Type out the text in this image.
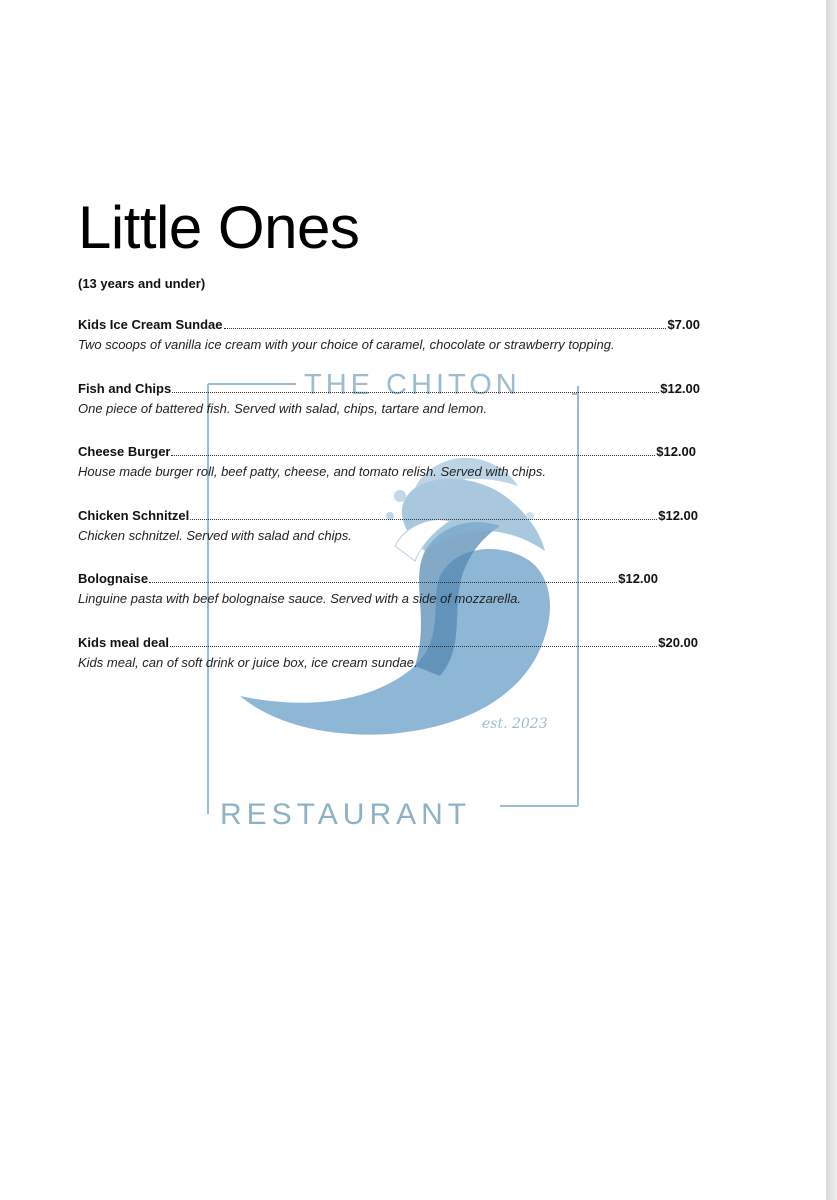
Little Ones
(13 years and under)
THE CHITON
est. 2023
RESTAURANT
Kids Ice Cream Sundae	$7.00
Two scoops of vanilla ice cream with your choice of caramel, chocolate or strawberry topping.
Fish and Chips	$12.00
One piece of battered fish. Served with salad, chips, tartare and lemon.
Cheese Burger	$12.00
House made burger roll, beef patty, cheese, and tomato relish. Served with chips.
Chicken Schnitzel	$12.00
Chicken schnitzel. Served with salad and chips.
Bolognaise	$12.00
Linguine pasta with beef bolognaise sauce. Served with a side of mozzarella.
Kids meal deal	$20.00
Kids meal, can of soft drink or juice box, ice cream sundae.
